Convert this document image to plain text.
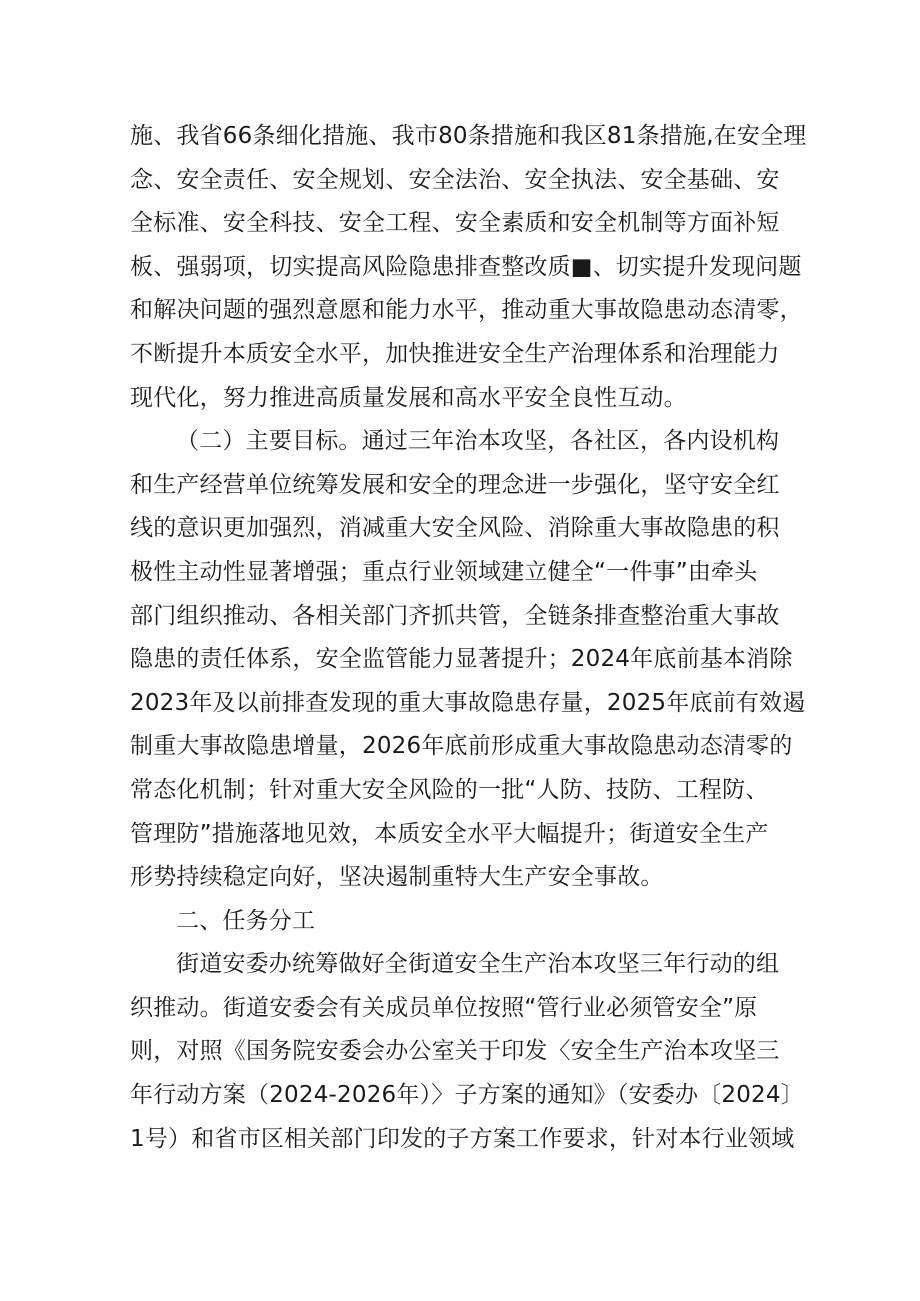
施、我省66条细化措施、我市80条措施和我区81条措施,在安全理
念、安全责任、安全规划、安全法治、安全执法、安全基础、安
全标准、安全科技、安全工程、安全素质和安全机制等方面补短
板、强弱项，切实提高风险隐患排查整改质■、切实提升发现问题
和解决问题的强烈意愿和能力水平，推动重大事故隐患动态清零，
不断提升本质安全水平，加快推进安全生产治理体系和治理能力
现代化，努力推进高质量发展和高水平安全良性互动。
（二）主要目标。通过三年治本攻坚，各社区，各内设机构
和生产经营单位统筹发展和安全的理念进一步强化，坚守安全红
线的意识更加强烈，消减重大安全风险、消除重大事故隐患的积
极性主动性显著增强；重点行业领域建立健全“一件事”由牵头
部门组织推动、各相关部门齐抓共管，全链条排查整治重大事故
隐患的责任体系，安全监管能力显著提升；2024年底前基本消除
2023年及以前排查发现的重大事故隐患存量，2025年底前有效遏
制重大事故隐患增量，2026年底前形成重大事故隐患动态清零的
常态化机制；针对重大安全风险的一批“人防、技防、工程防、
管理防”措施落地见效，本质安全水平大幅提升；街道安全生产
形势持续稳定向好，坚决遏制重特大生产安全事故。
二、任务分工
街道安委办统筹做好全街道安全生产治本攻坚三年行动的组
织推动。街道安委会有关成员单位按照“管行业必须管安全”原
则，对照《国务院安委会办公室关于印发〈安全生产治本攻坚三
年行动方案（2024-2026年）〉子方案的通知》（安委办〔2024〕
1号）和省市区相关部门印发的子方案工作要求，针对本行业领域
